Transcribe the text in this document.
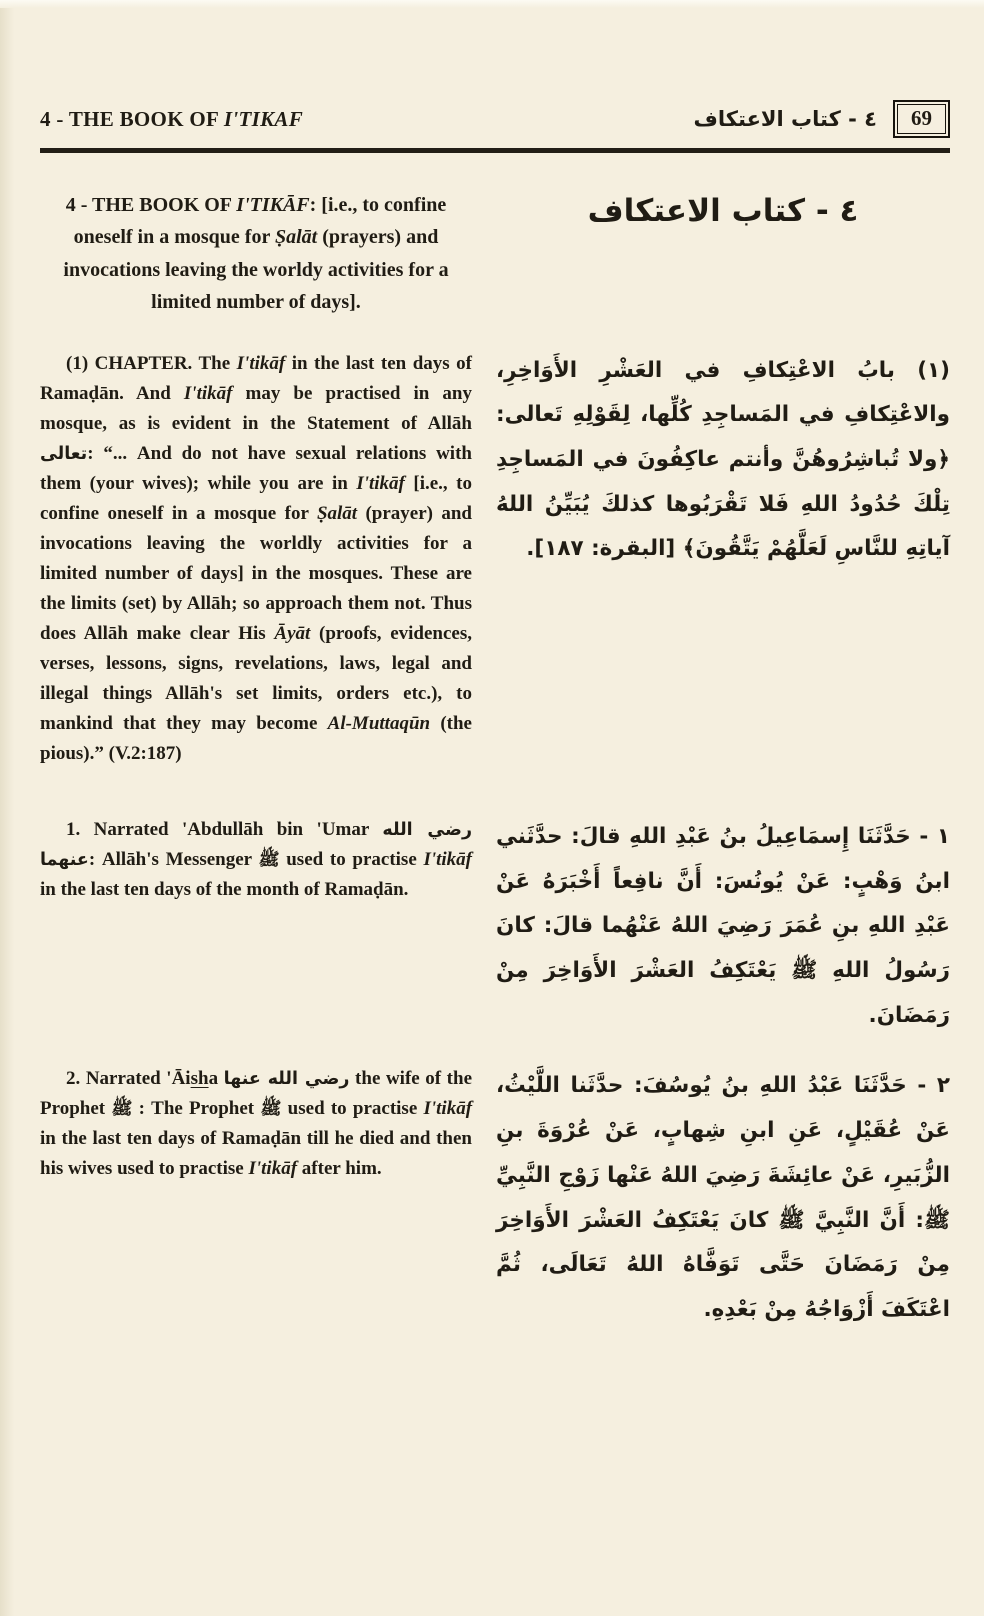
4 - THE BOOK OF I'TIKAF	٤ - كتاب الاعتكاف	69
4 - THE BOOK OF I'TIKĀF: [i.e., to confine oneself in a mosque for Ṣalāt (prayers) and invocations leaving the worldy activities for a limited number of days].
٤ - كتاب الاعتكاف
(1) CHAPTER. The I'tikāf in the last ten days of Ramaḍān. And I'tikāf may be practised in any mosque, as is evident in the Statement of Allāh تعالى: “... And do not have sexual relations with them (your wives); while you are in I'tikāf [i.e., to confine oneself in a mosque for Ṣalāt (prayer) and invocations leaving the worldly activities for a limited number of days] in the mosques. These are the limits (set) by Allāh; so approach them not. Thus does Allāh make clear His Āyāt (proofs, evidences, verses, lessons, signs, revelations, laws, legal and illegal things Allāh's set limits, orders etc.), to mankind that they may become Al-Muttaqūn (the pious).” (V.2:187)
(١) بابُ الاعْتِكافِ في العَشْرِ الأَوَاخِرِ، والاعْتِكافِ في المَساجِدِ كُلِّها، لِقَوْلِهِ تَعالى: ﴿ولا تُباشِرُوهُنَّ وأنتم عاكِفُونَ في المَساجِدِ تِلْكَ حُدُودُ اللهِ فَلا تَقْرَبُوها كذلكَ يُبَيِّنُ اللهُ آياتِهِ للنَّاسِ لَعَلَّهُمْ يَتَّقُونَ﴾ [البقرة: ١٨٧].
1. Narrated 'Abdullāh bin 'Umar رضي الله عنهما: Allāh's Messenger ﷺ used to practise I'tikāf in the last ten days of the month of Ramaḍān.
١ - حَدَّثَنَا إِسمَاعِيلُ بنُ عَبْدِ اللهِ قالَ: حدَّثَني ابنُ وَهْبٍ: عَنْ يُونُسَ: أَنَّ نافِعاً أَخْبَرَهُ عَنْ عَبْدِ اللهِ بنِ عُمَرَ رَضِيَ اللهُ عَنْهُما قالَ: كانَ رَسُولُ اللهِ ﷺ يَعْتَكِفُ العَشْرَ الأَوَاخِرَ مِنْ رَمَضَانَ.
2. Narrated 'Āisha رضي الله عنها the wife of the Prophet ﷺ : The Prophet ﷺ used to practise I'tikāf in the last ten days of Ramaḍān till he died and then his wives used to practise I'tikāf after him.
٢ - حَدَّثَنَا عَبْدُ اللهِ بنُ يُوسُفَ: حدَّثَنا اللَّيْثُ، عَنْ عُقَيْلٍ، عَنِ ابنِ شِهابٍ، عَنْ عُرْوَةَ بنِ الزُّبَيرِ، عَنْ عائِشَةَ رَضِيَ اللهُ عَنْها زَوْجِ النَّبِيِّ ﷺ: أَنَّ النَّبِيَّ ﷺ كانَ يَعْتَكِفُ العَشْرَ الأَوَاخِرَ مِنْ رَمَضَانَ حَتَّى تَوَفَّاهُ اللهُ تَعَالَى، ثُمَّ اعْتَكَفَ أَزْوَاجُهُ مِنْ بَعْدِهِ.
